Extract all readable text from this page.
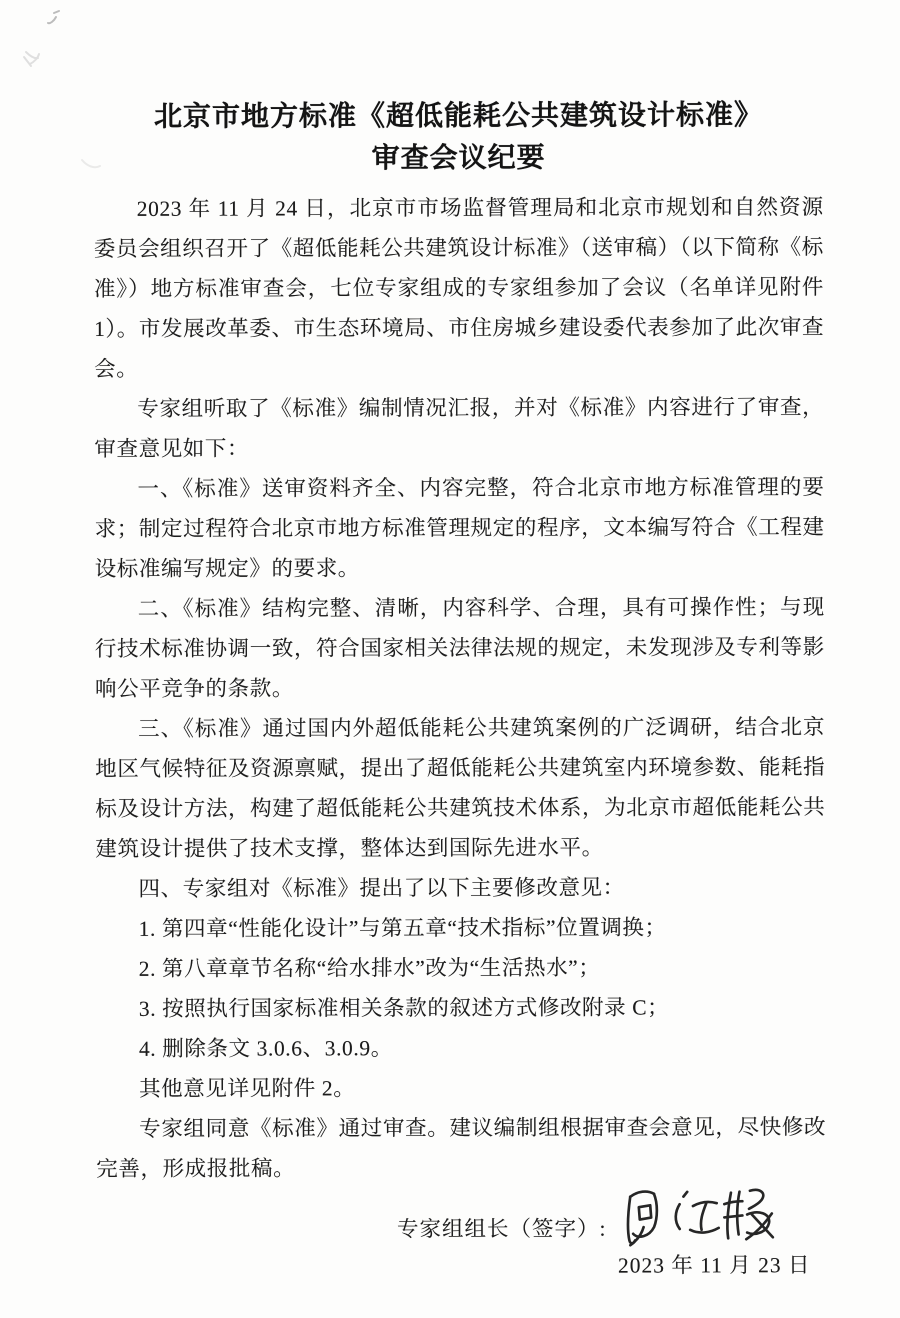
北京市地方标准《超低能耗公共建筑设计标准》
审查会议纪要

2023 年 11 月 24 日，北京市市场监督管理局和北京市规划和自然资源委员会组织召开了《超低能耗公共建筑设计标准》（送审稿）（以下简称《标准》）地方标准审查会，七位专家组成的专家组参加了会议（名单详见附件 1）。市发展改革委、市生态环境局、市住房城乡建设委代表参加了此次审查会。

专家组听取了《标准》编制情况汇报，并对《标准》内容进行了审查，审查意见如下：

一、《标准》送审资料齐全、内容完整，符合北京市地方标准管理的要求；制定过程符合北京市地方标准管理规定的程序，文本编写符合《工程建设标准编写规定》的要求。

二、《标准》结构完整、清晰，内容科学、合理，具有可操作性；与现行技术标准协调一致，符合国家相关法律法规的规定，未发现涉及专利等影响公平竞争的条款。

三、《标准》通过国内外超低能耗公共建筑案例的广泛调研，结合北京地区气候特征及资源禀赋，提出了超低能耗公共建筑室内环境参数、能耗指标及设计方法，构建了超低能耗公共建筑技术体系，为北京市超低能耗公共建筑设计提供了技术支撑，整体达到国际先进水平。

四、专家组对《标准》提出了以下主要修改意见：

1. 第四章“性能化设计”与第五章“技术指标”位置调换；

2. 第八章章节名称“给水排水”改为“生活热水”；

3. 按照执行国家标准相关条款的叙述方式修改附录 C；

4. 删除条文 3.0.6、3.0.9。

其他意见详见附件 2。

专家组同意《标准》通过审查。建议编制组根据审查会意见，尽快修改完善，形成报批稿。

专家组组长（签字）:
2023 年 11 月 23 日
